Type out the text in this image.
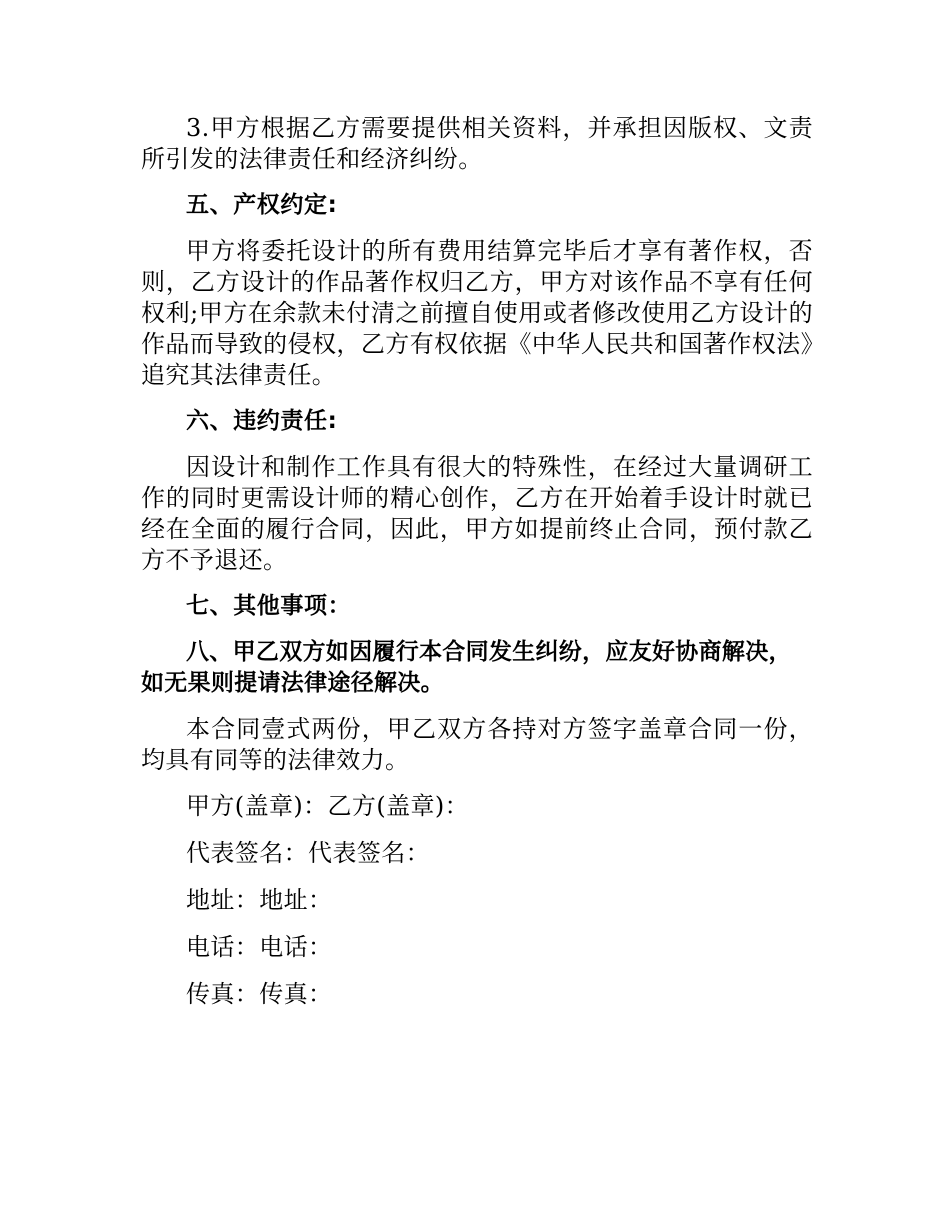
3.甲方根据乙方需要提供相关资料，并承担因版权、文责所引发的法律责任和经济纠纷。

五、产权约定:

甲方将委托设计的所有费用结算完毕后才享有著作权，否则，乙方设计的作品著作权归乙方，甲方对该作品不享有任何权利;甲方在余款未付清之前擅自使用或者修改使用乙方设计的作品而导致的侵权，乙方有权依据《中华人民共和国著作权法》追究其法律责任。

六、违约责任:

因设计和制作工作具有很大的特殊性，在经过大量调研工作的同时更需设计师的精心创作，乙方在开始着手设计时就已经在全面的履行合同，因此，甲方如提前终止合同，预付款乙方不予退还。

七、其他事项：

八、甲乙双方如因履行本合同发生纠纷，应友好协商解决，如无果则提请法律途径解决。

本合同壹式两份，甲乙双方各持对方签字盖章合同一份，均具有同等的法律效力。

甲方(盖章)：乙方(盖章)：

代表签名：代表签名：

地址：地址：

电话：电话：

传真：传真：
